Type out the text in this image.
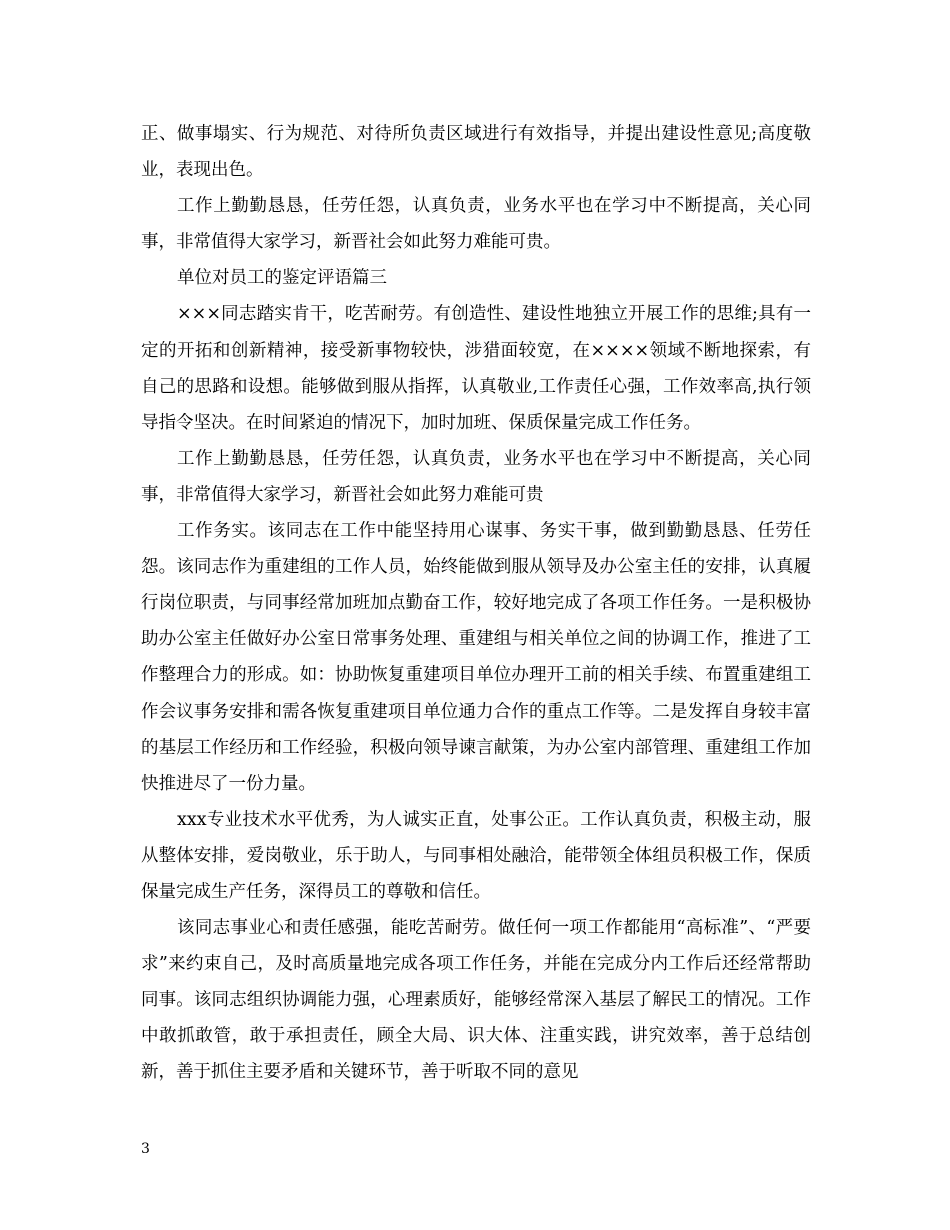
正、做事塌实、行为规范、对待所负责区域进行有效指导，并提出建设性意见;高度敬业，表现出色。

工作上勤勤恳恳，任劳任怨，认真负责，业务水平也在学习中不断提高，关心同事，非常值得大家学习，新晋社会如此努力难能可贵。

单位对员工的鉴定评语篇三

×××同志踏实肯干，吃苦耐劳。有创造性、建设性地独立开展工作的思维;具有一定的开拓和创新精神，接受新事物较快，涉猎面较宽，在××××领域不断地探索，有自己的思路和设想。能够做到服从指挥，认真敬业,工作责任心强，工作效率高,执行领导指令坚决。在时间紧迫的情况下，加时加班、保质保量完成工作任务。

工作上勤勤恳恳，任劳任怨，认真负责，业务水平也在学习中不断提高，关心同事，非常值得大家学习，新晋社会如此努力难能可贵

工作务实。该同志在工作中能坚持用心谋事、务实干事，做到勤勤恳恳、任劳任怨。该同志作为重建组的工作人员，始终能做到服从领导及办公室主任的安排，认真履行岗位职责，与同事经常加班加点勤奋工作，较好地完成了各项工作任务。一是积极协助办公室主任做好办公室日常事务处理、重建组与相关单位之间的协调工作，推进了工作整理合力的形成。如：协助恢复重建项目单位办理开工前的相关手续、布置重建组工作会议事务安排和需各恢复重建项目单位通力合作的重点工作等。二是发挥自身较丰富的基层工作经历和工作经验，积极向领导谏言献策，为办公室内部管理、重建组工作加快推进尽了一份力量。

xxx专业技术水平优秀，为人诚实正直，处事公正。工作认真负责，积极主动，服从整体安排，爱岗敬业，乐于助人，与同事相处融洽，能带领全体组员积极工作，保质保量完成生产任务，深得员工的尊敬和信任。

该同志事业心和责任感强，能吃苦耐劳。做任何一项工作都能用“高标准”、“严要求”来约束自己，及时高质量地完成各项工作任务，并能在完成分内工作后还经常帮助同事。该同志组织协调能力强，心理素质好，能够经常深入基层了解民工的情况。工作中敢抓敢管，敢于承担责任，顾全大局、识大体、注重实践，讲究效率，善于总结创新，善于抓住主要矛盾和关键环节，善于听取不同的意见

3
